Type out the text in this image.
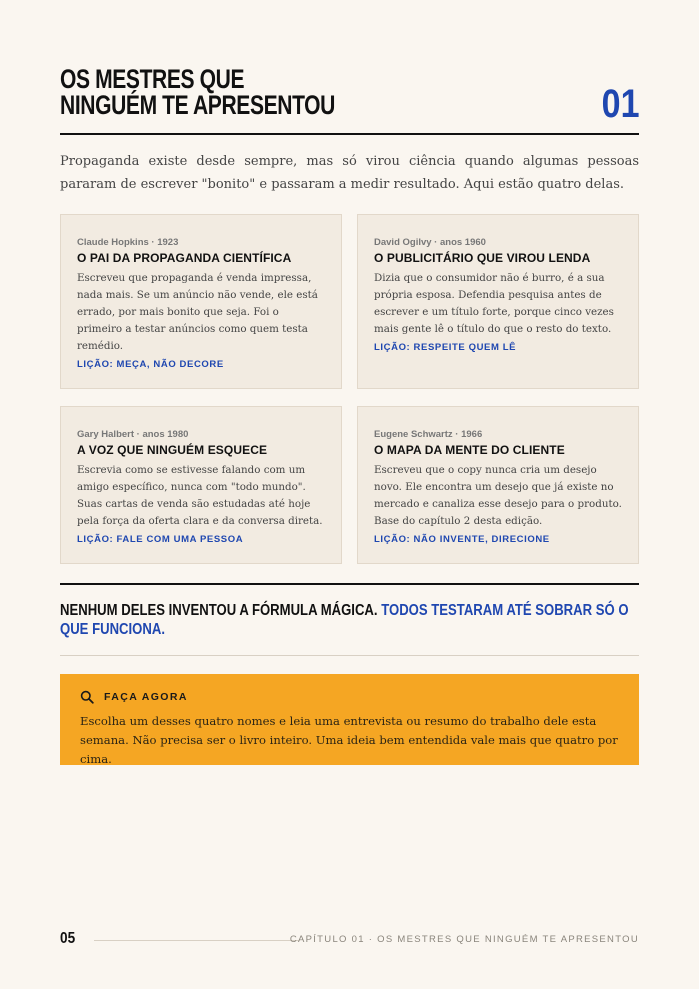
OS MESTRES QUE
NINGUÉM TE APRESENTOU	01

Propaganda existe desde sempre, mas só virou ciência quando algumas pessoas pararam de escrever "bonito" e passaram a medir resultado. Aqui estão quatro delas.

Claude Hopkins · 1923
O PAI DA PROPAGANDA CIENTÍFICA
Escreveu que propaganda é venda impressa, nada mais. Se um anúncio não vende, ele está errado, por mais bonito que seja. Foi o primeiro a testar anúncios como quem testa remédio.
LIÇÃO: MEÇA, NÃO DECORE
David Ogilvy · anos 1960
O PUBLICITÁRIO QUE VIROU LENDA
Dizia que o consumidor não é burro, é a sua própria esposa. Defendia pesquisa antes de escrever e um título forte, porque cinco vezes mais gente lê o título do que o resto do texto.
LIÇÃO: RESPEITE QUEM LÊ
Gary Halbert · anos 1980
A VOZ QUE NINGUÉM ESQUECE
Escrevia como se estivesse falando com um amigo específico, nunca com "todo mundo". Suas cartas de venda são estudadas até hoje pela força da oferta clara e da conversa direta.
LIÇÃO: FALE COM UMA PESSOA
Eugene Schwartz · 1966
O MAPA DA MENTE DO CLIENTE
Escreveu que o copy nunca cria um desejo novo. Ele encontra um desejo que já existe no mercado e canaliza esse desejo para o produto. Base do capítulo 2 desta edição.
LIÇÃO: NÃO INVENTE, DIRECIONE
NENHUM DELES INVENTOU A FÓRMULA MÁGICA. TODOS TESTARAM ATÉ SOBRAR SÓ O QUE FUNCIONA.
FAÇA AGORA
Escolha um desses quatro nomes e leia uma entrevista ou resumo do trabalho dele esta semana. Não precisa ser o livro inteiro. Uma ideia bem entendida vale mais que quatro por cima.
05	CAPÍTULO 01 · OS MESTRES QUE NINGUÉM TE APRESENTOU
